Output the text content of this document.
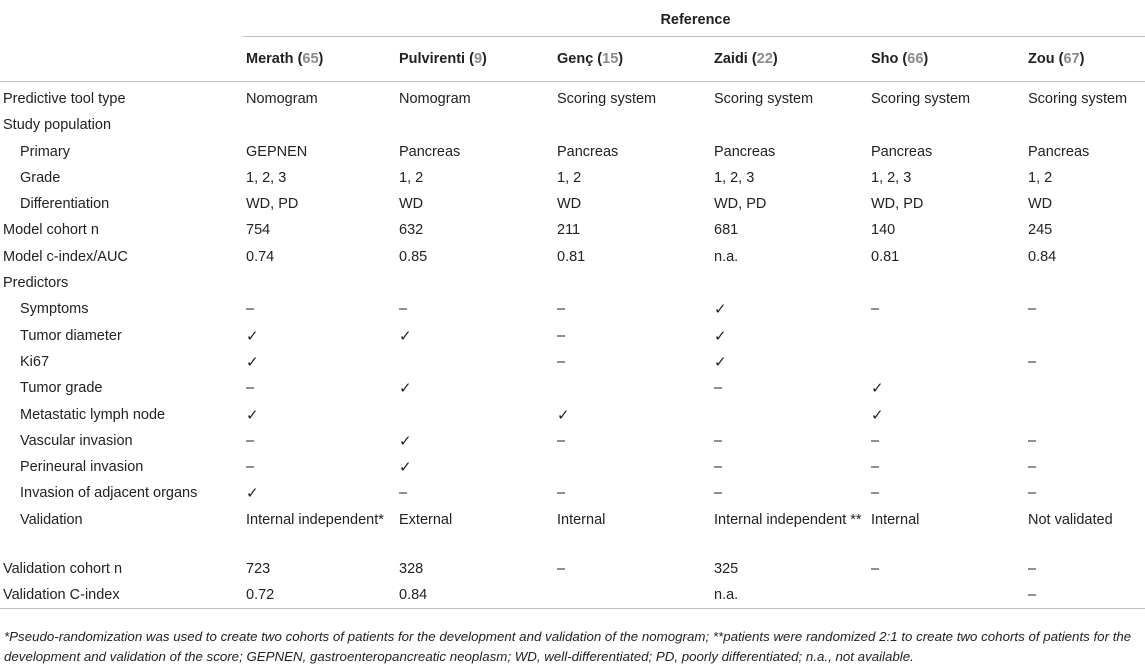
	Reference					
	Merath (65)	Pulvirenti (9)	Genç (15)	Zaidi (22)	Sho (66)	Zou (67)
Predictive tool type	Nomogram	Nomogram	Scoring system	Scoring system	Scoring system	Scoring system
Study population						
Primary	GEPNEN	Pancreas	Pancreas	Pancreas	Pancreas	Pancreas
Grade	1, 2, 3	1, 2	1, 2	1, 2, 3	1, 2, 3	1, 2
Differentiation	WD, PD	WD	WD	WD, PD	WD, PD	WD
Model cohort n	754	632	211	681	140	245
Model c-index/AUC	0.74	0.85	0.81	n.a.	0.81	0.84
Predictors						
Symptoms	–	–	–	✓	–	–
Tumor diameter	✓	✓	–	✓		
Ki67	✓		–	✓		–
Tumor grade	–	✓		–	✓	
Metastatic lymph node	✓		✓		✓	
Vascular invasion	–	✓	–	–	–	–
Perineural invasion	–	✓		–	–	–
Invasion of adjacent organs	✓	–	–	–	–	–
Validation	Internal independent*	External	Internal	Internal independent **	Internal	Not validated
Validation cohort n	723	328	–	325	–	–
Validation C-index	0.72	0.84		n.a.		–
*Pseudo-randomization was used to create two cohorts of patients for the development and validation of the nomogram; **patients were randomized 2:1 to create two cohorts of patients for the development and validation of the score; GEPNEN, gastroenteropancreatic neoplasm; WD, well-differentiated; PD, poorly differentiated; n.a., not available.
